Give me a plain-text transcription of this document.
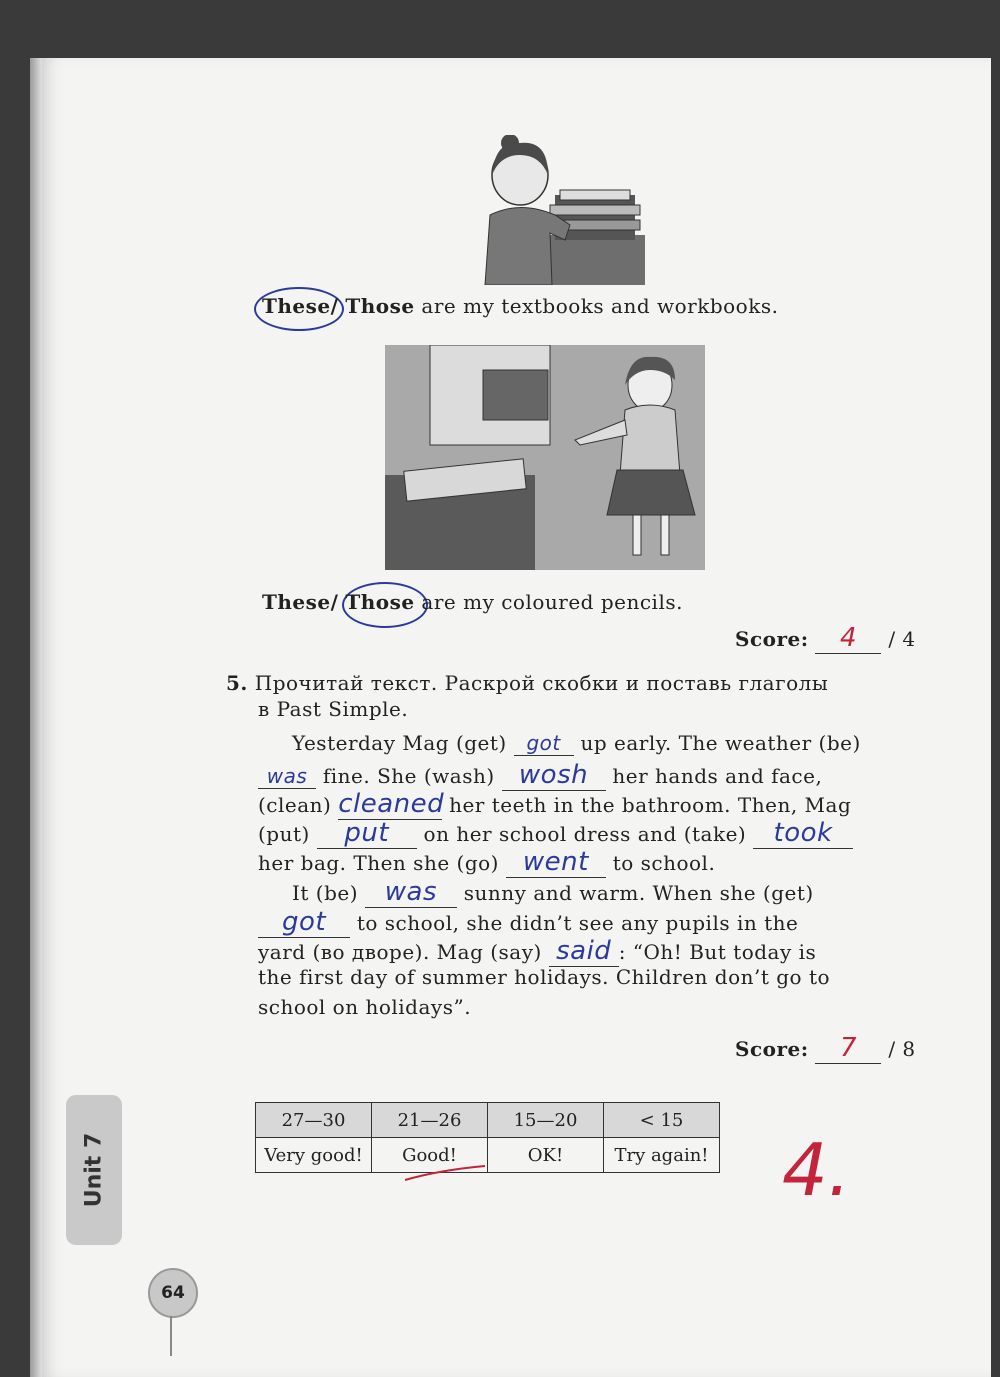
These/ Those are my textbooks and workbooks.
These/ Those are my coloured pencils.
Score: 4 / 4
5. Прочитай текст. Раскрой скобки и поставь глаголы
в Past Simple.
Yesterday Mag (get) got up early. The weather (be)
was fine. She (wash) wosh her hands and face,
(clean) cleaned her teeth in the bathroom. Then, Mag
(put) put on her school dress and (take) took
her bag. Then she (go) went to school.
It (be) was sunny and warm. When she (get)
got to school, she didn’t see any pupils in the
yard (во дворе). Mag (say) said : “Oh! But today is
the first day of summer holidays. Children don’t go to
school on holidays”.
Score: 7 / 8
27—30	21—26	15—20	< 15
Very good!	Good!	OK!	Try again! 4.
Unit 7
64
